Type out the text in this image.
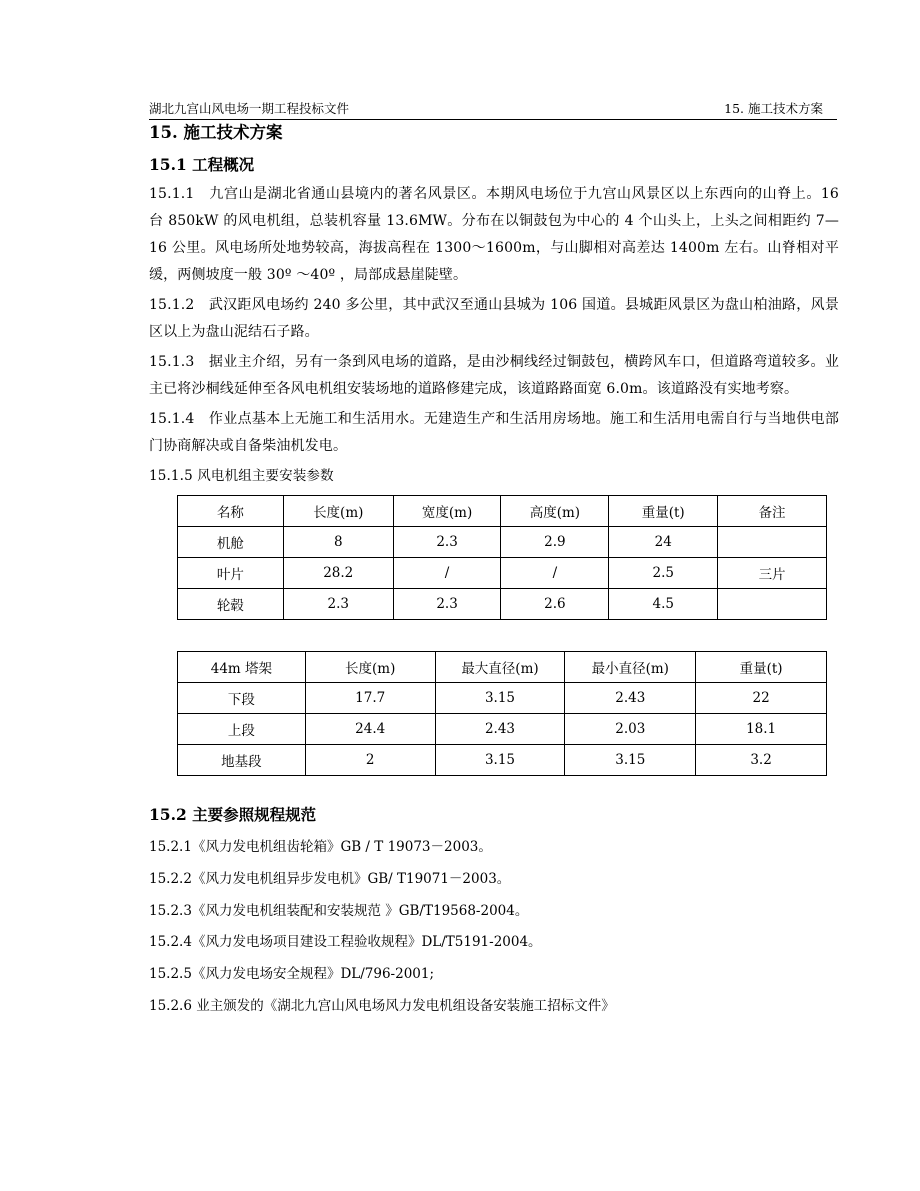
湖北九宫山风电场一期工程投标文件	15. 施工技术方案
15. 施工技术方案
15.1 工程概况

15.1.1　九宫山是湖北省通山县境内的著名风景区。本期风电场位于九宫山风景区以上东西向的山脊上。16 台 850kW 的风电机组，总装机容量 13.6MW。分布在以铜鼓包为中心的 4 个山头上，上头之间相距约 7—16 公里。风电场所处地势较高，海拔高程在 1300～1600m，与山脚相对高差达 1400m 左右。山脊相对平缓，两侧坡度一般 30º ～40º ，局部成悬崖陡壁。

15.1.2　武汉距风电场约 240 多公里，其中武汉至通山县城为 106 国道。县城距风景区为盘山柏油路，风景区以上为盘山泥结石子路。

15.1.3　据业主介绍，另有一条到风电场的道路，是由沙桐线经过铜鼓包，横跨风车口，但道路弯道较多。业主已将沙桐线延伸至各风电机组安装场地的道路修建完成，该道路路面宽 6.0m。该道路没有实地考察。

15.1.4　作业点基本上无施工和生活用水。无建造生产和生活用房场地。施工和生活用电需自行与当地供电部门协商解决或自备柴油机发电。

15.1.5 风电机组主要安装参数

名称	长度(m)	宽度(m)	高度(m)	重量(t)	备注
机舱	8	2.3	2.9	24	
叶片	28.2	/	/	2.5	三片
轮毂	2.3	2.3	2.6	4.5	
44m 塔架	长度(m)	最大直径(m)	最小直径(m)	重量(t)
下段	17.7	3.15	2.43	22
上段	24.4	2.43	2.03	18.1
地基段	2	3.15	3.15	3.2
15.2 主要参照规程规范

15.2.1《风力发电机组齿轮箱》GB / T 19073－2003。

15.2.2《风力发电机组异步发电机》GB/ T19071－2003。

15.2.3《风力发电机组装配和安装规范 》GB/T19568-2004。

15.2.4《风力发电场项目建设工程验收规程》DL/T5191-2004。

15.2.5《风力发电场安全规程》DL/796-2001;

15.2.6 业主颁发的《湖北九宫山风电场风力发电机组设备安装施工招标文件》
